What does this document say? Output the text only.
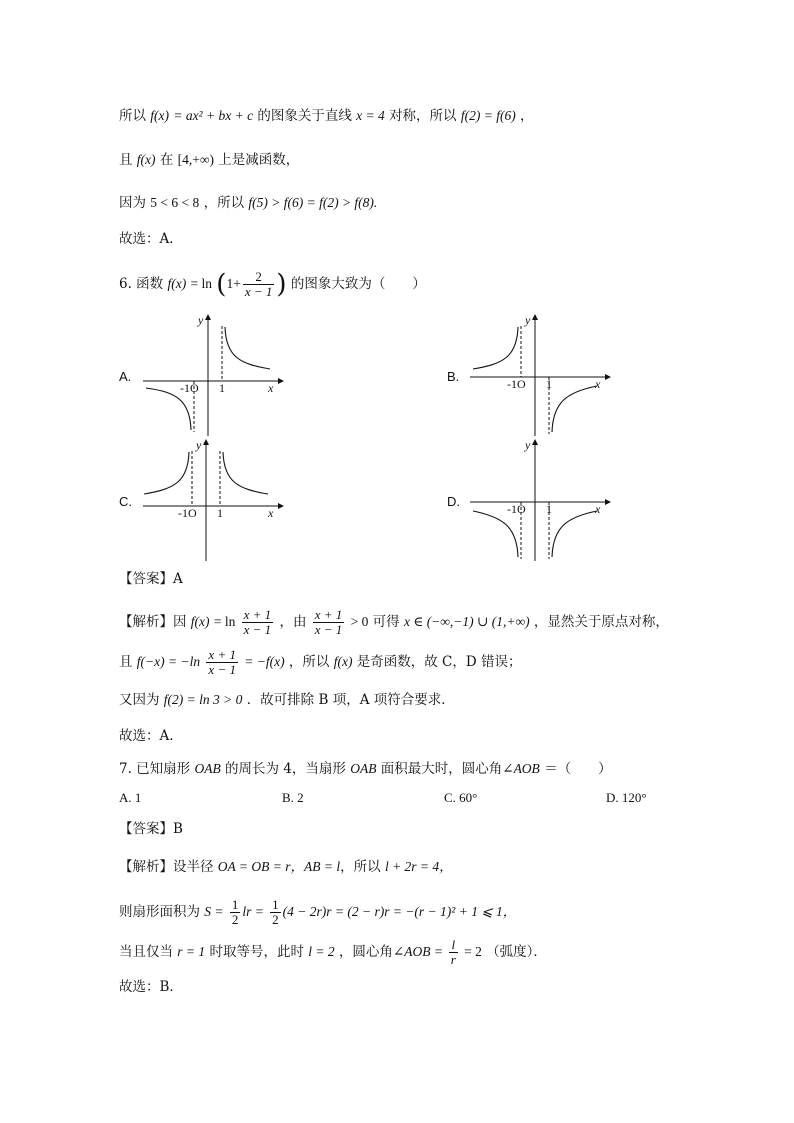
所以 f(x) = ax² + bx + c 的图象关于直线 x = 4 对称，所以 f(2) = f(6) ，
且 f(x) 在 [4,+∞) 上是减函数，
因为 5 < 6 < 8 ，所以 f(5) > f(6) = f(2) > f(8).
故选：A．
6. 函数 $f(x) = \ln (1+ \frac{2}{x - 1}$ ) 的图象大致为（　　）
A.
y
x
-1O 1
B.
y
x
-1O 1
C.
y
x
-1O 1
D.
y
x
-1O 1
【答案】A
【解析】因 $f(x) = \ln \frac{x + 1}{x - 1}$ ，由 $\frac{x + 1}{x - 1} > 0$ 可得 x ∈ (−∞,−1) ∪ (1,+∞) ，显然关于原点对称，
且 $f(-x) = -\ln \frac{x + 1}{x - 1} = -f(x)$ ，所以 f(x) 是奇函数，故 C，D 错误；
又因为 f(2) = ln 3 > 0 ．故可排除 B 项，A 项符合要求．
故选：A.
7. 已知扇形 OAB 的周长为 4，当扇形 OAB 面积最大时，圆心角∠AOB ＝（　　）
A. 1	B. 2	C. 60°	D. 120°
【答案】B
【解析】设半径 OA = OB = r，AB = l，所以 l + 2r = 4，
则扇形面积为 $S = \frac{1}{2}$ lr = $\frac{1}{2} (4 - 2r)r = (2 - r)r = -(r - 1)^2 + 1$ ⩽ 1，
当且仅当 r = 1 时取等号，此时 l = 2 ，圆心角∠AOB = $\frac{l}{r} = 2$ （弧度）．
故选：B．
